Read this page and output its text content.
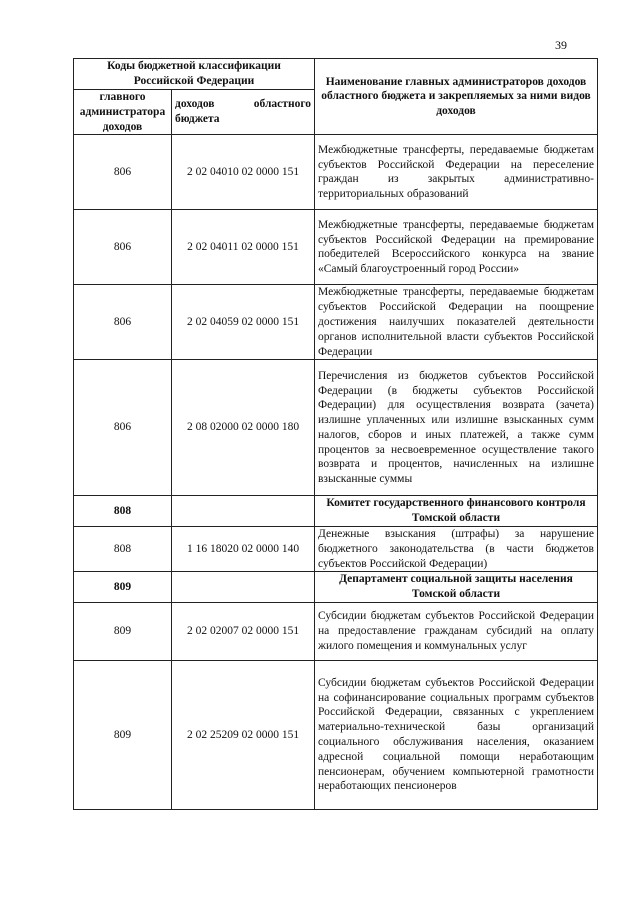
39
Коды бюджетной классификации Российской Федерации		Наименование главных администраторов доходов областного бюджета и закрепляемых за ними видов доходов
главного администратора доходов	доходов областного бюджета	
806	2 02 04010 02 0000 151	Межбюджетные трансферты, передаваемые бюджетам субъектов Российской Федерации на переселение граждан из закрытых административно-территориальных образований
806	2 02 04011 02 0000 151	Межбюджетные трансферты, передаваемые бюджетам субъектов Российской Федерации на премирование победителей Всероссийского конкурса на звание «Самый благоустроенный город России»
806	2 02 04059 02 0000 151	Межбюджетные трансферты, передаваемые бюджетам субъектов Российской Федерации на поощрение достижения наилучших показателей деятельности органов исполнительной власти субъектов Российской Федерации
806	2 08 02000 02 0000 180	Перечисления из бюджетов субъектов Российской Федерации (в бюджеты субъектов Российской Федерации) для осуществления возврата (зачета) излишне уплаченных или излишне взысканных сумм налогов, сборов и иных платежей, а также сумм процентов за несвоевременное осуществление такого возврата и процентов, начисленных на излишне взысканные суммы
808		Комитет государственного финансового контроля Томской области
808	1 16 18020 02 0000 140	Денежные взыскания (штрафы) за нарушение бюджетного законодательства (в части бюджетов субъектов Российской Федерации)
809		Департамент социальной защиты населения Томской области
809	2 02 02007 02 0000 151	Субсидии бюджетам субъектов Российской Федерации на предоставление гражданам субсидий на оплату жилого помещения и коммунальных услуг
809	2 02 25209 02 0000 151	Субсидии бюджетам субъектов Российской Федерации на софинансирование социальных программ субъектов Российской Федерации, связанных с укреплением материально-технической базы организаций социального обслуживания населения, оказанием адресной социальной помощи неработающим пенсионерам, обучением компьютерной грамотности неработающих пенсионеров
